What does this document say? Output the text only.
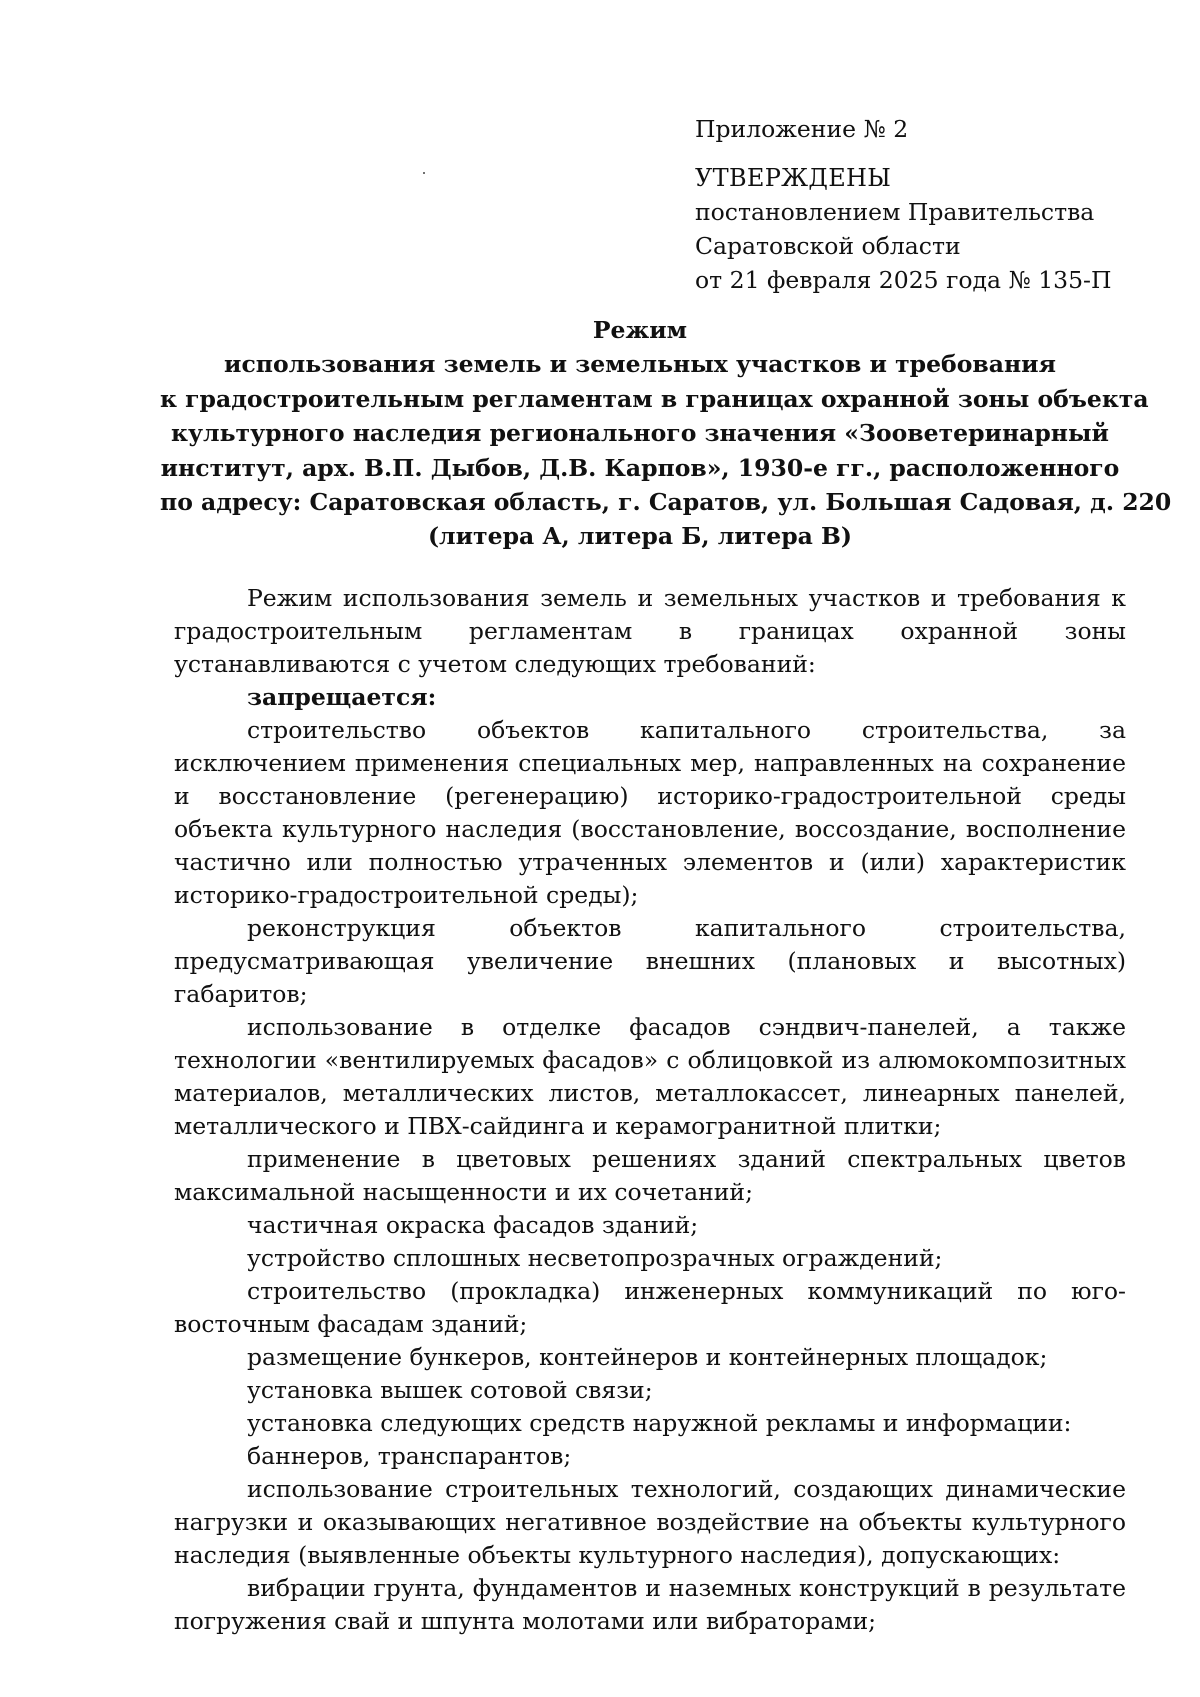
Приложение № 2
УТВЕРЖДЕНЫ
постановлением Правительства
Саратовской области
от 21 февраля 2025 года № 135-П
Режим
использования земель и земельных участков и требования
к градостроительным регламентам в границах охранной зоны объекта
культурного наследия регионального значения «Зооветеринарный
институт, арх. В.П. Дыбов, Д.В. Карпов», 1930-е гг., расположенного
по адресу: Саратовская область, г. Саратов, ул. Большая Садовая, д. 220
(литера А, литера Б, литера В)

Режим использования земель и земельных участков и требования к градостроительным регламентам в границах охранной зоны устанавливаются с учетом следующих требований:

запрещается:

строительство объектов капитального строительства, за исключением применения специальных мер, направленных на сохранение и восстановление (регенерацию) историко-градостроительной среды объекта культурного наследия (восстановление, воссоздание, восполнение частично или полностью утраченных элементов и (или) характеристик историко-градостроительной среды);

реконструкция объектов капитального строительства, предусматривающая увеличение внешних (плановых и высотных) габаритов;

использование в отделке фасадов сэндвич-панелей, а также технологии «вентилируемых фасадов» с облицовкой из алюмокомпозитных материалов, металлических листов, металлокассет, линеарных панелей, металлического и ПВХ-сайдинга и керамогранитной плитки;

применение в цветовых решениях зданий спектральных цветов максимальной насыщенности и их сочетаний;

частичная окраска фасадов зданий;

устройство сплошных несветопрозрачных ограждений;

строительство (прокладка) инженерных коммуникаций по юго-восточным фасадам зданий;

размещение бункеров, контейнеров и контейнерных площадок;

установка вышек сотовой связи;

установка следующих средств наружной рекламы и информации:

баннеров, транспарантов;

использование строительных технологий, создающих динамические нагрузки и оказывающих негативное воздействие на объекты культурного наследия (выявленные объекты культурного наследия), допускающих:

вибрации грунта, фундаментов и наземных конструкций в результате погружения свай и шпунта молотами или вибраторами;
